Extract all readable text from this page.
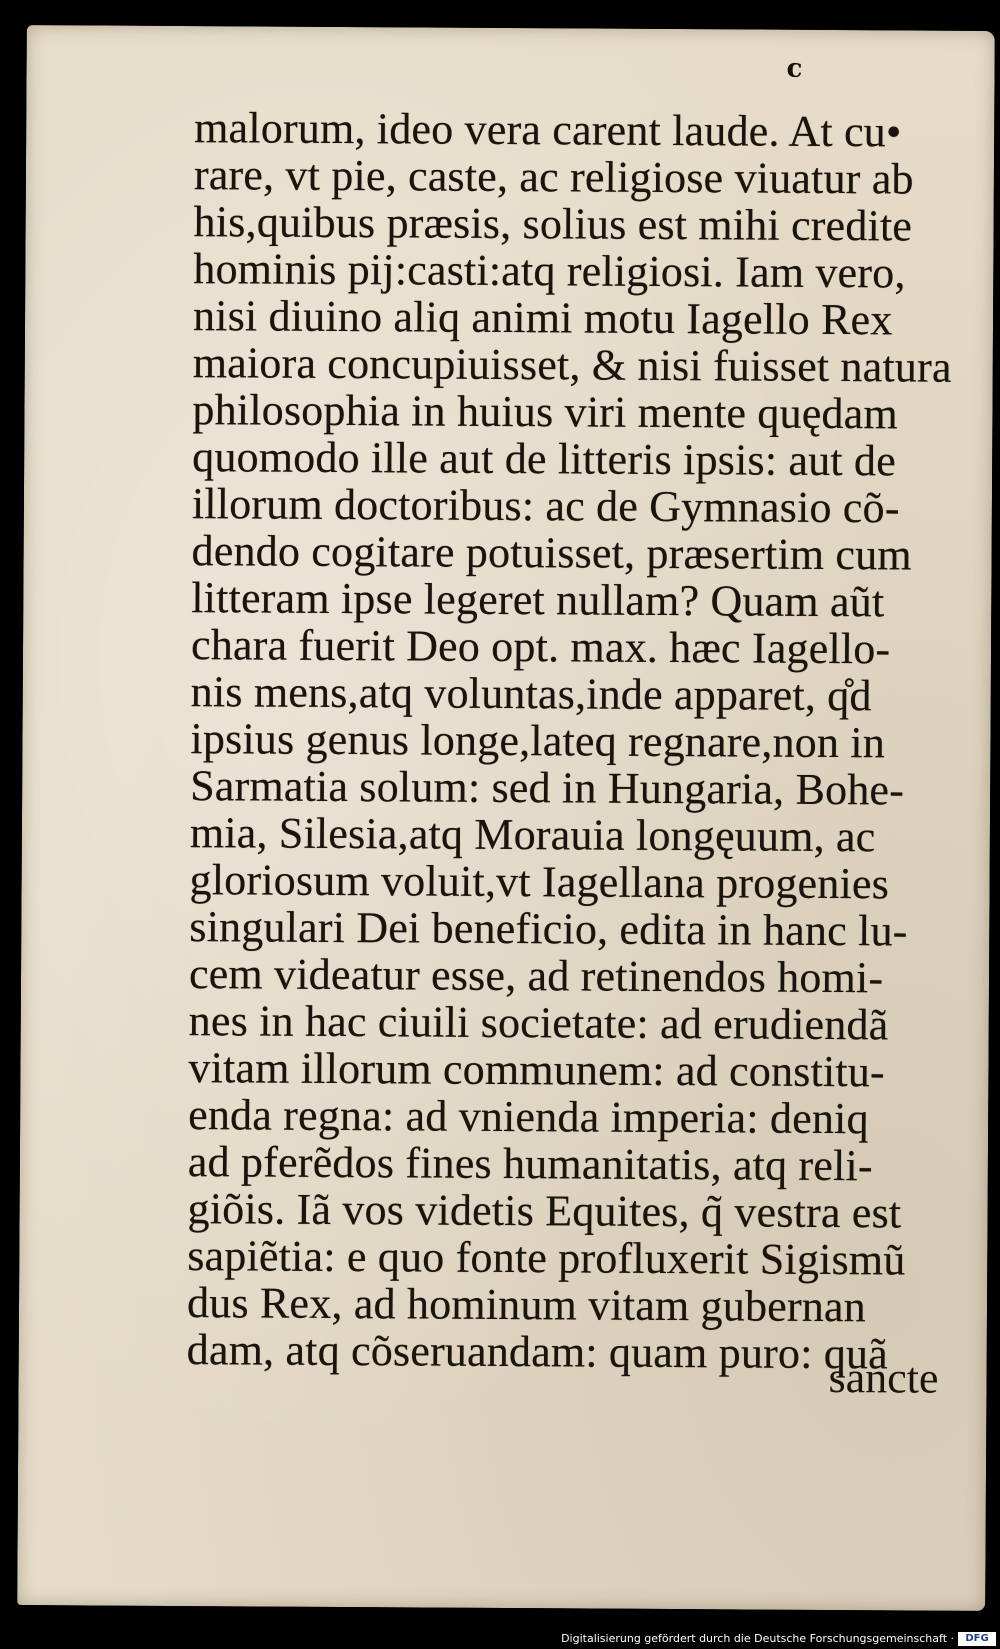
c
malorum, ideo vera carent laude. At cu•
rare, vt pie, caste, ac religiose viuatur ab
his,quibus præsis, solius est mihi credite
hominis pij:casti:atq religiosi. Iam vero,
nisi diuino aliq animi motu Iagello Rex
maiora concupiuisset, & nisi fuisset natura
philosophia in huius viri mente quędam
quomodo ille aut de litteris ipsis: aut de
illorum doctoribus: ac de Gymnasio cõ-
dendo cogitare potuisset, præsertim cum
litteram ipse legeret nullam? Quam aũt
chara fuerit Deo opt. max. hæc Iagello-
nis mens,atq voluntas,inde apparet, q̊d
ipsius genus longe,lateq regnare,non in
Sarmatia solum: sed in Hungaria, Bohe-
mia, Silesia,atq Morauia longęuum, ac
gloriosum voluit,vt Iagellana progenies
singulari Dei beneficio, edita in hanc lu-
cem videatur esse, ad retinendos homi-
nes in hac ciuili societate: ad erudiendã
vitam illorum communem: ad constitu-
enda regna: ad vnienda imperia: deniq
ad pferẽdos fines humanitatis, atq reli-
giõis. Iã vos videtis Equites, q̃ vestra est
sapiẽtia: e quo fonte profluxerit Sigismũ
dus Rex, ad hominum vitam gubernan
dam, atq cõseruandam: quam puro: quã
sancte
Digitalisierung gefördert durch die Deutsche Forschungsgemeinschaft ·	DFG
